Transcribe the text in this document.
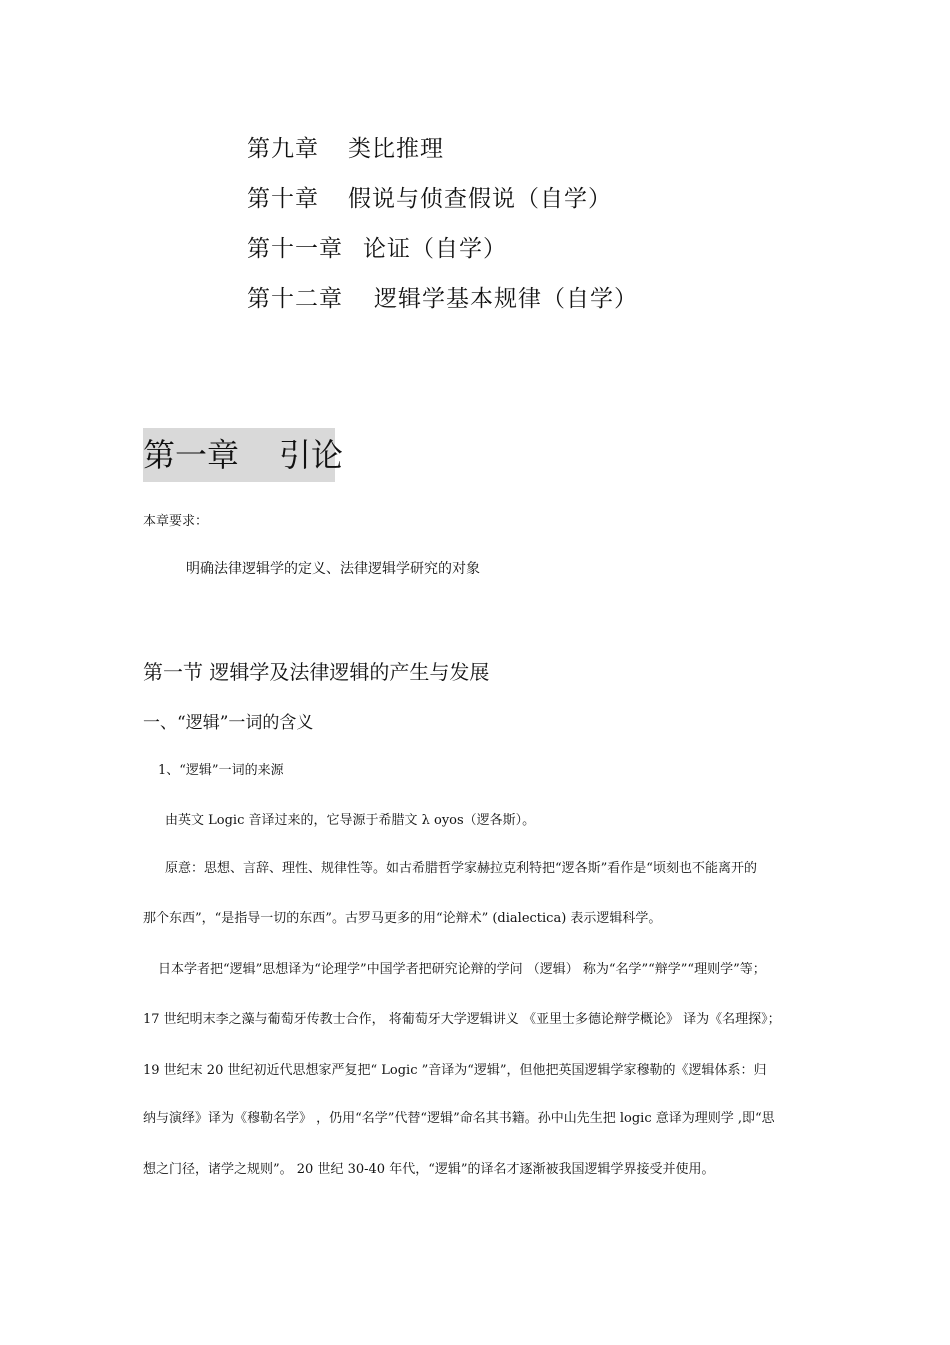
第九章 类比推理
第十章 假说与侦查假说（自学）
第十一章 论证（自学）
第十二章 逻辑学基本规律（自学）
第一章 引论
本章要求：
明确法律逻辑学的定义、法律逻辑学研究的对象
第一节 逻辑学及法律逻辑的产生与发展
一、“逻辑”一词的含义
1、“逻辑”一词的来源
由英文 Logic 音译过来的，它导源于希腊文 λ oyos（逻各斯）。
原意：思想、言辞、理性、规律性等。如古希腊哲学家赫拉克利特把“逻各斯”看作是“顷刻也不能离开的
那个东西”，“是指导一切的东西”。古罗马更多的用“论辩术” (dialectica) 表示逻辑科学。
日本学者把“逻辑”思想译为“论理学”中国学者把研究论辩的学问 （逻辑） 称为“名学”“辩学”“理则学”等；
17 世纪明末李之藻与葡萄牙传教士合作， 将葡萄牙大学逻辑讲义 《亚里士多德论辩学概论》 译为《名理探》；
19 世纪末 20 世纪初近代思想家严复把“ Logic ”音译为“逻辑”，但他把英国逻辑学家穆勒的《逻辑体系：归
纳与演绎》译为《穆勒名学》 ，仍用“名学”代替“逻辑”命名其书籍。孙中山先生把 logic 意译为理则学 ,即“思
想之门径，诸学之规则”。 20 世纪 30-40 年代，“逻辑”的译名才逐渐被我国逻辑学界接受并使用。
